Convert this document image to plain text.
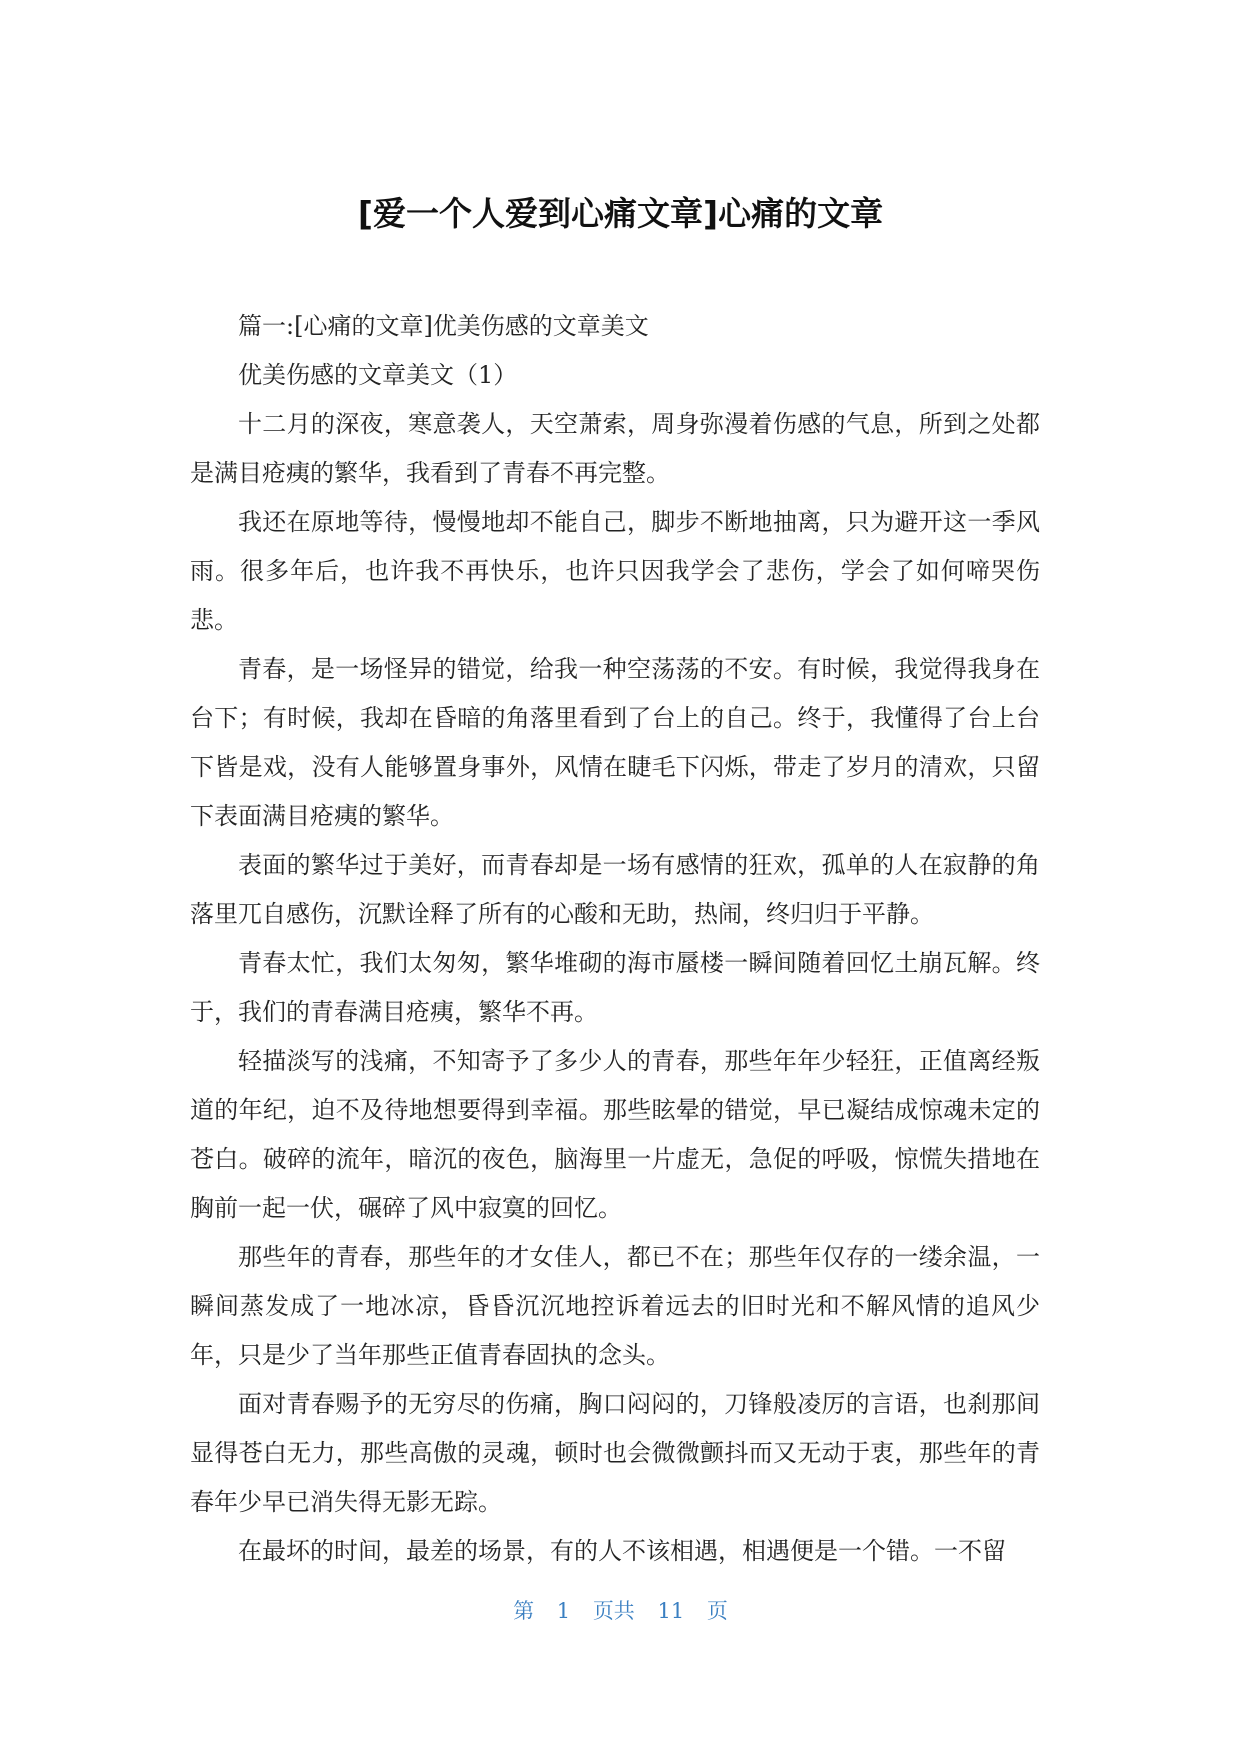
[爱一个人爱到心痛文章]心痛的文章

篇一:[心痛的文章]优美伤感的文章美文

优美伤感的文章美文（1）

十二月的深夜，寒意袭人，天空萧索，周身弥漫着伤感的气息，所到之处都是满目疮痍的繁华，我看到了青春不再完整。

我还在原地等待，慢慢地却不能自己，脚步不断地抽离，只为避开这一季风雨。很多年后，也许我不再快乐，也许只因我学会了悲伤，学会了如何啼哭伤悲。

青春，是一场怪异的错觉，给我一种空荡荡的不安。有时候，我觉得我身在台下；有时候，我却在昏暗的角落里看到了台上的自己。终于，我懂得了台上台下皆是戏，没有人能够置身事外，风情在睫毛下闪烁，带走了岁月的清欢，只留下表面满目疮痍的繁华。

表面的繁华过于美好，而青春却是一场有感情的狂欢，孤单的人在寂静的角落里兀自感伤，沉默诠释了所有的心酸和无助，热闹，终归归于平静。

青春太忙，我们太匆匆，繁华堆砌的海市蜃楼一瞬间随着回忆土崩瓦解。终于，我们的青春满目疮痍，繁华不再。

轻描淡写的浅痛，不知寄予了多少人的青春，那些年年少轻狂，正值离经叛道的年纪，迫不及待地想要得到幸福。那些眩晕的错觉，早已凝结成惊魂未定的苍白。破碎的流年，暗沉的夜色，脑海里一片虚无，急促的呼吸，惊慌失措地在胸前一起一伏，碾碎了风中寂寞的回忆。

那些年的青春，那些年的才女佳人，都已不在；那些年仅存的一缕余温，一瞬间蒸发成了一地冰凉，昏昏沉沉地控诉着远去的旧时光和不解风情的追风少年，只是少了当年那些正值青春固执的念头。

面对青春赐予的无穷尽的伤痛，胸口闷闷的，刀锋般凌厉的言语，也刹那间显得苍白无力，那些高傲的灵魂，顿时也会微微颤抖而又无动于衷，那些年的青春年少早已消失得无影无踪。

在最坏的时间，最差的场景，有的人不该相遇，相遇便是一个错。一不留

第 1 页共 11 页
